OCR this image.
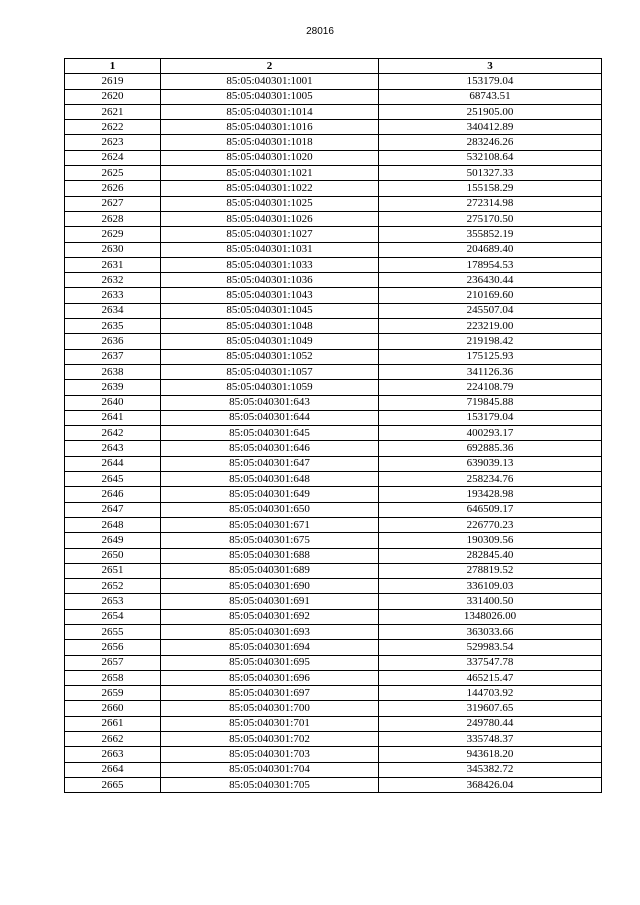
28016
1	2	3
2619	85:05:040301:1001	153179.04
2620	85:05:040301:1005	68743.51
2621	85:05:040301:1014	251905.00
2622	85:05:040301:1016	340412.89
2623	85:05:040301:1018	283246.26
2624	85:05:040301:1020	532108.64
2625	85:05:040301:1021	501327.33
2626	85:05:040301:1022	155158.29
2627	85:05:040301:1025	272314.98
2628	85:05:040301:1026	275170.50
2629	85:05:040301:1027	355852.19
2630	85:05:040301:1031	204689.40
2631	85:05:040301:1033	178954.53
2632	85:05:040301:1036	236430.44
2633	85:05:040301:1043	210169.60
2634	85:05:040301:1045	245507.04
2635	85:05:040301:1048	223219.00
2636	85:05:040301:1049	219198.42
2637	85:05:040301:1052	175125.93
2638	85:05:040301:1057	341126.36
2639	85:05:040301:1059	224108.79
2640	85:05:040301:643	719845.88
2641	85:05:040301:644	153179.04
2642	85:05:040301:645	400293.17
2643	85:05:040301:646	692885.36
2644	85:05:040301:647	639039.13
2645	85:05:040301:648	258234.76
2646	85:05:040301:649	193428.98
2647	85:05:040301:650	646509.17
2648	85:05:040301:671	226770.23
2649	85:05:040301:675	190309.56
2650	85:05:040301:688	282845.40
2651	85:05:040301:689	278819.52
2652	85:05:040301:690	336109.03
2653	85:05:040301:691	331400.50
2654	85:05:040301:692	1348026.00
2655	85:05:040301:693	363033.66
2656	85:05:040301:694	529983.54
2657	85:05:040301:695	337547.78
2658	85:05:040301:696	465215.47
2659	85:05:040301:697	144703.92
2660	85:05:040301:700	319607.65
2661	85:05:040301:701	249780.44
2662	85:05:040301:702	335748.37
2663	85:05:040301:703	943618.20
2664	85:05:040301:704	345382.72
2665	85:05:040301:705	368426.04
